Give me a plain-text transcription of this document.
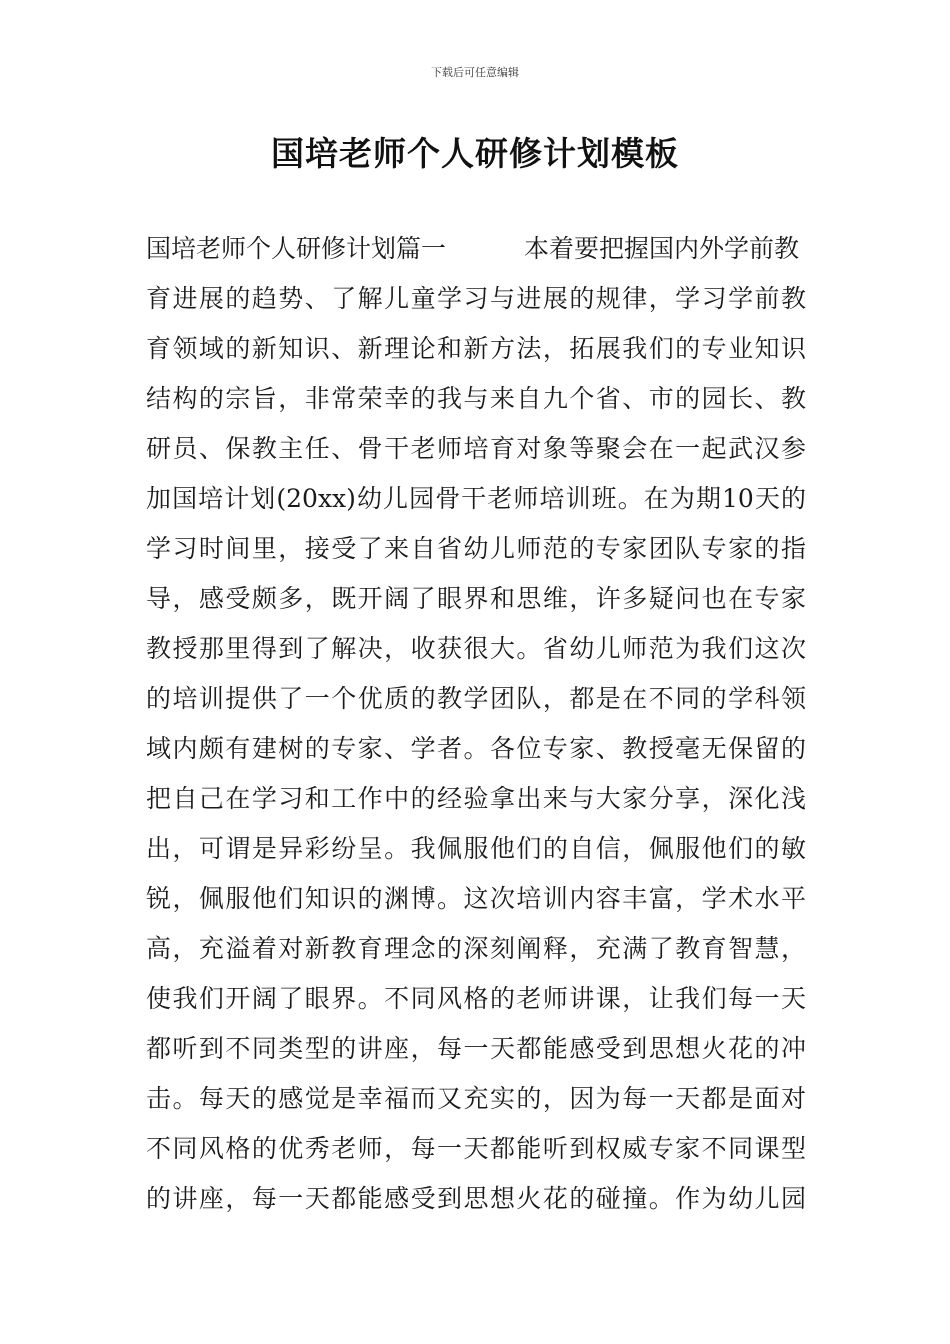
下载后可任意编辑
国培老师个人研修计划模板
国培老师个人研修计划篇一	本着要把握国内外学前教
育进展的趋势、了解儿童学习与进展的规律，学习学前教
育领域的新知识、新理论和新方法，拓展我们的专业知识
结构的宗旨，非常荣幸的我与来自九个省、市的园长、教
研员、保教主任、骨干老师培育对象等聚会在一起武汉参
加国培计划(20xx)幼儿园骨干老师培训班。在为期10天的
学习时间里，接受了来自省幼儿师范的专家团队专家的指
导，感受颇多，既开阔了眼界和思维，许多疑问也在专家
教授那里得到了解决，收获很大。省幼儿师范为我们这次
的培训提供了一个优质的教学团队，都是在不同的学科领
域内颇有建树的专家、学者。各位专家、教授毫无保留的
把自己在学习和工作中的经验拿出来与大家分享，深化浅
出，可谓是异彩纷呈。我佩服他们的自信，佩服他们的敏
锐，佩服他们知识的渊博。这次培训内容丰富，学术水平
高，充溢着对新教育理念的深刻阐释，充满了教育智慧，
使我们开阔了眼界。不同风格的老师讲课，让我们每一天
都听到不同类型的讲座，每一天都能感受到思想火花的冲
击。每天的感觉是幸福而又充实的，因为每一天都是面对
不同风格的优秀老师，每一天都能听到权威专家不同课型
的讲座，每一天都能感受到思想火花的碰撞。作为幼儿园
